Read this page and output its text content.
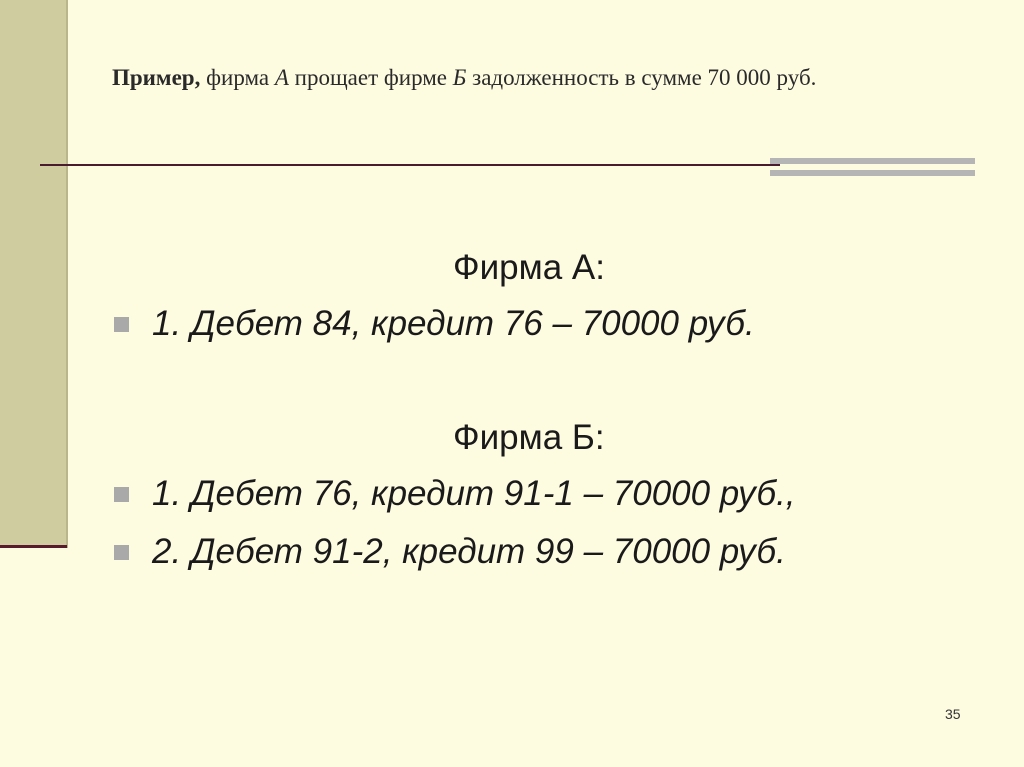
Пример, фирма А прощает фирме Б задолженность в сумме 70 000 руб.
Фирма А:
1. Дебет 84, кредит 76 – 70000 руб.
Фирма Б:
1. Дебет 76, кредит 91-1 – 70000 руб.,
2. Дебет 91-2, кредит 99 – 70000 руб.
35
